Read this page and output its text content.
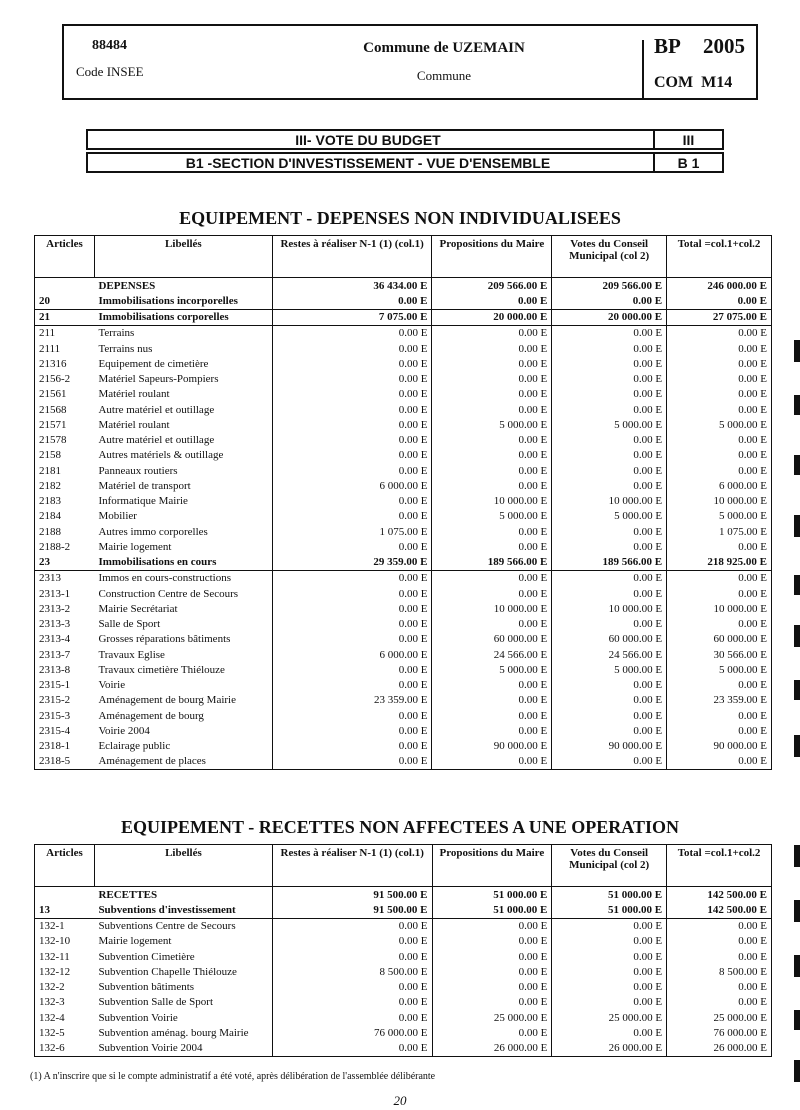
88484
Code INSEE
Commune de UZEMAIN
Commune
BP 2005
COM M14
III- VOTE DU BUDGET	III
B1 -SECTION D'INVESTISSEMENT - VUE D'ENSEMBLE	B 1
EQUIPEMENT - DEPENSES NON INDIVIDUALISEES
Articles	Libellés	Restes à réaliser N-1 (1) (col.1)	Propositions du Maire	Votes du Conseil Municipal (col 2)	Total =col.1+col.2
	DEPENSES	36 434.00 E	209 566.00 E	209 566.00 E	246 000.00 E
20	Immobilisations incorporelles	0.00 E	0.00 E	0.00 E	0.00 E
21	Immobilisations corporelles	7 075.00 E	20 000.00 E	20 000.00 E	27 075.00 E
211	Terrains	0.00 E	0.00 E	0.00 E	0.00 E
2111	Terrains nus	0.00 E	0.00 E	0.00 E	0.00 E
21316	Equipement de cimetière	0.00 E	0.00 E	0.00 E	0.00 E
2156-2	Matériel Sapeurs-Pompiers	0.00 E	0.00 E	0.00 E	0.00 E
21561	Matériel roulant	0.00 E	0.00 E	0.00 E	0.00 E
21568	Autre matériel et outillage	0.00 E	0.00 E	0.00 E	0.00 E
21571	Matériel roulant	0.00 E	5 000.00 E	5 000.00 E	5 000.00 E
21578	Autre matériel et outillage	0.00 E	0.00 E	0.00 E	0.00 E
2158	Autres matériels & outillage	0.00 E	0.00 E	0.00 E	0.00 E
2181	Panneaux routiers	0.00 E	0.00 E	0.00 E	0.00 E
2182	Matériel de transport	6 000.00 E	0.00 E	0.00 E	6 000.00 E
2183	Informatique Mairie	0.00 E	10 000.00 E	10 000.00 E	10 000.00 E
2184	Mobilier	0.00 E	5 000.00 E	5 000.00 E	5 000.00 E
2188	Autres immo corporelles	1 075.00 E	0.00 E	0.00 E	1 075.00 E
2188-2	Mairie logement	0.00 E	0.00 E	0.00 E	0.00 E
23	Immobilisations en cours	29 359.00 E	189 566.00 E	189 566.00 E	218 925.00 E
2313	Immos en cours-constructions	0.00 E	0.00 E	0.00 E	0.00 E
2313-1	Construction Centre de Secours	0.00 E	0.00 E	0.00 E	0.00 E
2313-2	Mairie Secrétariat	0.00 E	10 000.00 E	10 000.00 E	10 000.00 E
2313-3	Salle de Sport	0.00 E	0.00 E	0.00 E	0.00 E
2313-4	Grosses réparations bâtiments	0.00 E	60 000.00 E	60 000.00 E	60 000.00 E
2313-7	Travaux Eglise	6 000.00 E	24 566.00 E	24 566.00 E	30 566.00 E
2313-8	Travaux cimetière Thiélouze	0.00 E	5 000.00 E	5 000.00 E	5 000.00 E
2315-1	Voirie	0.00 E	0.00 E	0.00 E	0.00 E
2315-2	Aménagement de bourg Mairie	23 359.00 E	0.00 E	0.00 E	23 359.00 E
2315-3	Aménagement de bourg	0.00 E	0.00 E	0.00 E	0.00 E
2315-4	Voirie 2004	0.00 E	0.00 E	0.00 E	0.00 E
2318-1	Eclairage public	0.00 E	90 000.00 E	90 000.00 E	90 000.00 E
2318-5	Aménagement de places	0.00 E	0.00 E	0.00 E	0.00 E
EQUIPEMENT - RECETTES NON AFFECTEES A UNE OPERATION
Articles	Libellés	Restes à réaliser N-1 (1) (col.1)	Propositions du Maire	Votes du Conseil Municipal (col 2)	Total =col.1+col.2
	RECETTES	91 500.00 E	51 000.00 E	51 000.00 E	142 500.00 E
13	Subventions d'investissement	91 500.00 E	51 000.00 E	51 000.00 E	142 500.00 E
132-1	Subventions Centre de Secours	0.00 E	0.00 E	0.00 E	0.00 E
132-10	Mairie logement	0.00 E	0.00 E	0.00 E	0.00 E
132-11	Subvention Cimetière	0.00 E	0.00 E	0.00 E	0.00 E
132-12	Subvention Chapelle Thiélouze	8 500.00 E	0.00 E	0.00 E	8 500.00 E
132-2	Subvention bâtiments	0.00 E	0.00 E	0.00 E	0.00 E
132-3	Subvention Salle de Sport	0.00 E	0.00 E	0.00 E	0.00 E
132-4	Subvention Voirie	0.00 E	25 000.00 E	25 000.00 E	25 000.00 E
132-5	Subvention aménag. bourg Mairie	76 000.00 E	0.00 E	0.00 E	76 000.00 E
132-6	Subvention Voirie 2004	0.00 E	26 000.00 E	26 000.00 E	26 000.00 E
(1) A n'inscrire que si le compte administratif a été voté, après délibération de l'assemblée délibérante
20
